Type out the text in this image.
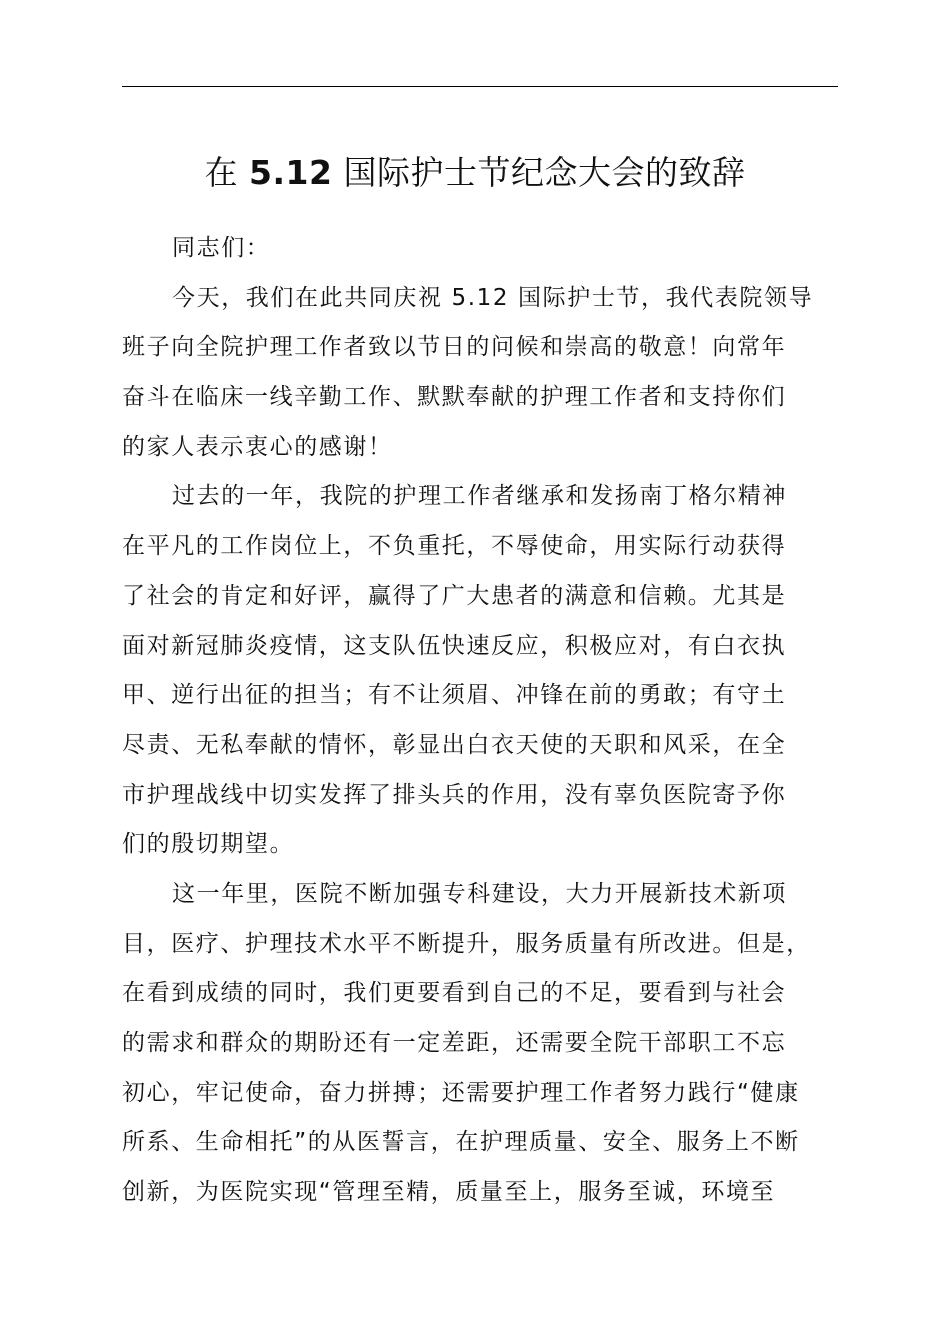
在 5.12 国际护士节纪念大会的致辞
同志们：
今天，我们在此共同庆祝 5.12 国际护士节，我代表院领导
班子向全院护理工作者致以节日的问候和崇高的敬意！向常年
奋斗在临床一线辛勤工作、默默奉献的护理工作者和支持你们
的家人表示衷心的感谢！
过去的一年，我院的护理工作者继承和发扬南丁格尔精神
在平凡的工作岗位上，不负重托，不辱使命，用实际行动获得
了社会的肯定和好评，赢得了广大患者的满意和信赖。尤其是
面对新冠肺炎疫情，这支队伍快速反应，积极应对，有白衣执
甲、逆行出征的担当；有不让须眉、冲锋在前的勇敢；有守土
尽责、无私奉献的情怀，彰显出白衣天使的天职和风采，在全
市护理战线中切实发挥了排头兵的作用，没有辜负医院寄予你
们的殷切期望。
这一年里，医院不断加强专科建设，大力开展新技术新项
目，医疗、护理技术水平不断提升，服务质量有所改进。但是，
在看到成绩的同时，我们更要看到自己的不足，要看到与社会
的需求和群众的期盼还有一定差距，还需要全院干部职工不忘
初心，牢记使命，奋力拼搏；还需要护理工作者努力践行“健康
所系、生命相托”的从医誓言，在护理质量、安全、服务上不断
创新，为医院实现“管理至精，质量至上，服务至诚，环境至
